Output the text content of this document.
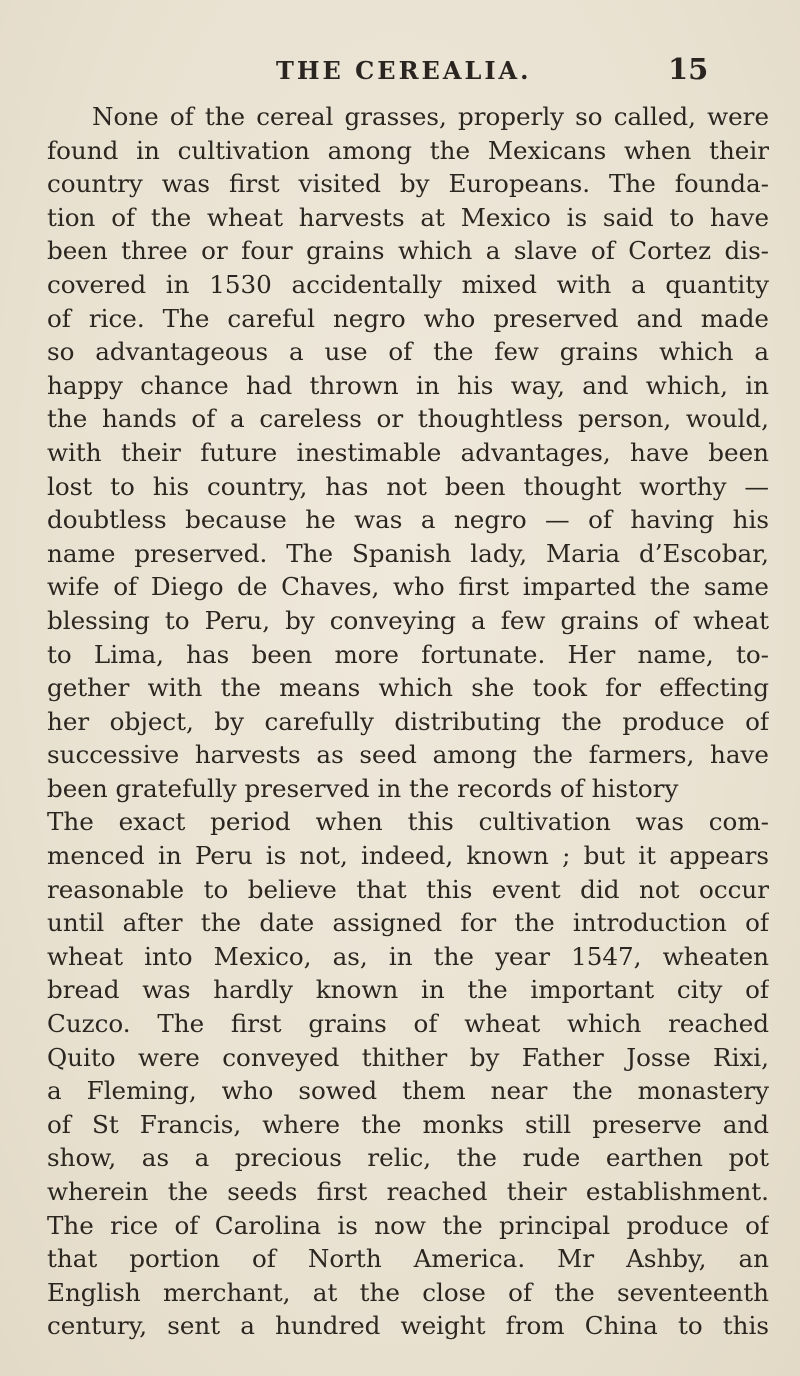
THE CEREALIA.	15
None of the cereal grasses, properly so called, were
found in cultivation among the Mexicans when their
country was first visited by Europeans. The founda-
tion of the wheat harvests at Mexico is said to have
been three or four grains which a slave of Cortez dis-
covered in 1530 accidentally mixed with a quantity
of rice. The careful negro who preserved and made
so advantageous a use of the few grains which a
happy chance had thrown in his way, and which, in
the hands of a careless or thoughtless person, would,
with their future inestimable advantages, have been
lost to his country, has not been thought worthy —
doubtless because he was a negro — of having his
name preserved. The Spanish lady, Maria d’Escobar,
wife of Diego de Chaves, who first imparted the same
blessing to Peru, by conveying a few grains of wheat
to Lima, has been more fortunate. Her name, to-
gether with the means which she took for effecting
her object, by carefully distributing the produce of
successive harvests as seed among the farmers, have
been gratefully preserved in the records of history
The exact period when this cultivation was com-
menced in Peru is not, indeed, known ; but it appears
reasonable to believe that this event did not occur
until after the date assigned for the introduction of
wheat into Mexico, as, in the year 1547, wheaten
bread was hardly known in the important city of
Cuzco. The first grains of wheat which reached
Quito were conveyed thither by Father Josse Rixi,
a Fleming, who sowed them near the monastery
of St Francis, where the monks still preserve and
show, as a precious relic, the rude earthen pot
wherein the seeds first reached their establishment.
The rice of Carolina is now the principal produce of
that portion of North America. Mr Ashby, an
English merchant, at the close of the seventeenth
century, sent a hundred weight from China to this
